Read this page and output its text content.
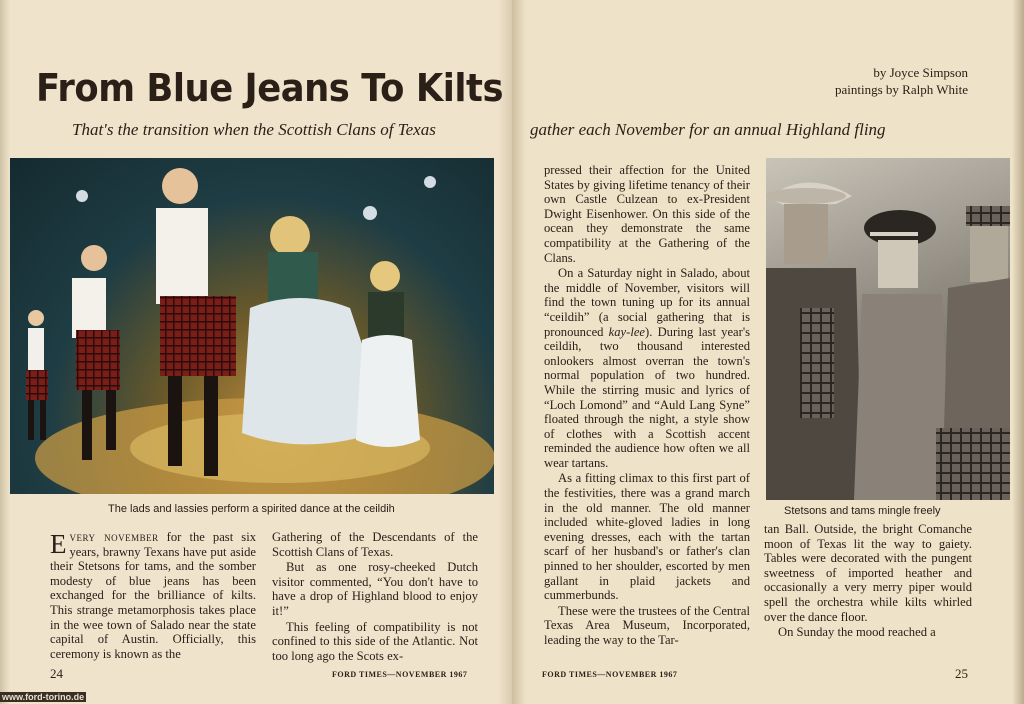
From Blue Jeans To Kilts
That's the transition when the Scottish Clans of Texas
The lads and lassies perform a spirited dance at the ceildih

Every november for the past six years, brawny Texans have put aside their Stetsons for tams, and the somber modesty of blue jeans has been exchanged for the brilliance of kilts. This strange metamorphosis takes place in the wee town of Salado near the state capital of Austin. Officially, this ceremony is known as the

Gathering of the Descendants of the Scottish Clans of Texas.

But as one rosy-cheeked Dutch visitor commented, “You don't have to have a drop of Highland blood to enjoy it!”

This feeling of compatibility is not confined to this side of the Atlantic. Not too long ago the Scots ex-

24	FORD TIMES—NOVEMBER 1967
by Joyce Simpson
paintings by Ralph White
gather each November for an annual Highland fling

pressed their affection for the United States by giving lifetime tenancy of their own Castle Culzean to ex-President Dwight Eisenhower. On this side of the ocean they demonstrate the same compatibility at the Gathering of the Clans.

On a Saturday night in Salado, about the middle of November, visitors will find the town tuning up for its annual “ceildih” (a social gathering that is pronounced kay-lee). During last year's ceildih, two thousand interested onlookers almost overran the town's normal population of two hundred. While the stirring music and lyrics of “Loch Lomond” and “Auld Lang Syne” floated through the night, a style show of clothes with a Scottish accent reminded the audience how often we all wear tartans.

As a fitting climax to this first part of the festivities, there was a grand march in the old manner. The old manner included white-gloved ladies in long evening dresses, each with the tartan scarf of her husband's or father's clan pinned to her shoulder, escorted by men gallant in plaid jackets and cummerbunds.

These were the trustees of the Central Texas Area Museum, Incorporated, leading the way to the Tar-

Stetsons and tams mingle freely

tan Ball. Outside, the bright Comanche moon of Texas lit the way to gaiety. Tables were decorated with the pungent sweetness of imported heather and occasionally a very merry piper would spell the orchestra while kilts whirled over the dance floor.

On Sunday the mood reached a

FORD TIMES—NOVEMBER 1967	25
www.ford-torino.de
